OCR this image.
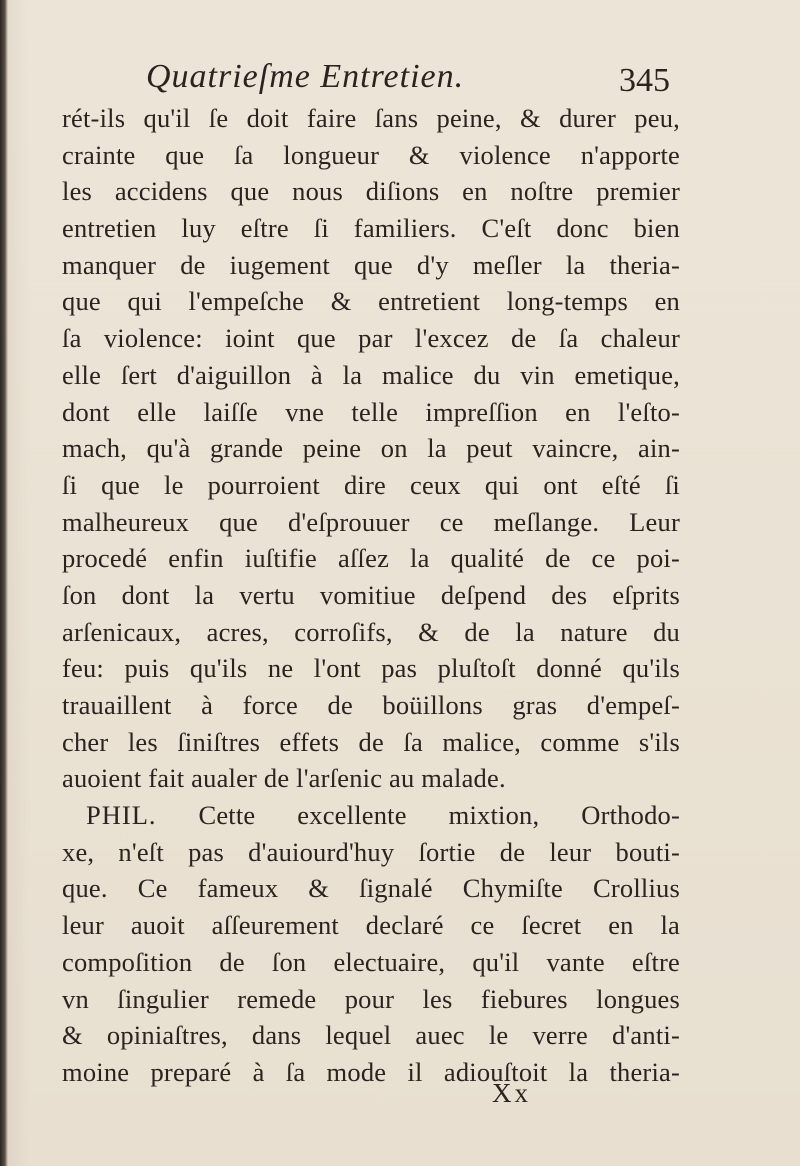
Quatrieſme Entretien.	345
rét-ils qu'il ſe doit faire ſans peine, & durer peu,
crainte que ſa longueur & violence n'apporte
les accidens que nous diſions en noſtre premier
entretien luy eſtre ſi familiers. C'eſt donc bien
manquer de iugement que d'y meſler la theria-
que qui l'empeſche & entretient long-temps en
ſa violence: ioint que par l'excez de ſa chaleur
elle ſert d'aiguillon à la malice du vin emetique,
dont elle laiſſe vne telle impreſſion en l'eſto-
mach, qu'à grande peine on la peut vaincre, ain-
ſi que le pourroient dire ceux qui ont eſté ſi
malheureux que d'eſprouuer ce meſlange. Leur
procedé enfin iuſtifie aſſez la qualité de ce poi-
ſon dont la vertu vomitiue deſpend des eſprits
arſenicaux, acres, corroſifs, & de la nature du
feu: puis qu'ils ne l'ont pas pluſtoſt donné qu'ils
trauaillent à force de boüillons gras d'empeſ-
cher les ſiniſtres effets de ſa malice, comme s'ils
auoient fait aualer de l'arſenic au malade.
PHIL. Cette excellente mixtion, Orthodo-
xe, n'eſt pas d'auiourd'huy ſortie de leur bouti-
que. Ce fameux & ſignalé Chymiſte Crollius
leur auoit aſſeurement declaré ce ſecret en la
compoſition de ſon electuaire, qu'il vante eſtre
vn ſingulier remede pour les fiebures longues
& opiniaſtres, dans lequel auec le verre d'anti-
moine preparé à ſa mode il adiouſtoit la theria-
Xx
